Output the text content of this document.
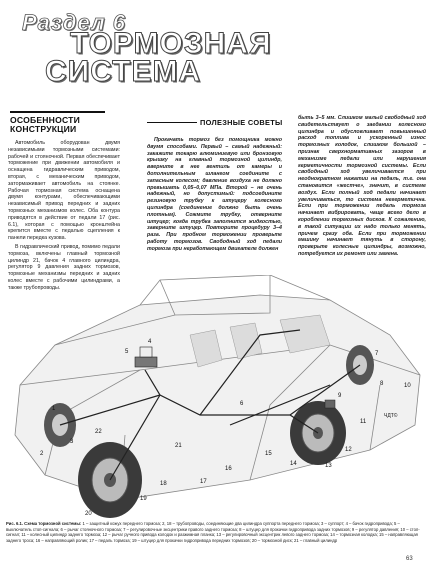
Раздел 6
ТОРМОЗНАЯ
СИСТЕМА
ОСОБЕННОСТИ
КОНСТРУКЦИИ

Автомобиль оборудован двумя независимыми тормозными системами: рабочей и стояночной. Первая обеспечивает торможение при движении автомобиля и оснащена гидравлическим приводом, вторая, с механическим приводом, затормаживает автомобиль на стоянке. Рабочая тормозная система оснащена двумя контурами, обеспечивающими независимый привод передних и задних тормозных механизмов колес. Оба контура приводятся в действие от педали 17 (рис. 6.1), которая с помощью кронштейна крепится вместе с педалью сцепления к панели передка кузова.

В гидравлический привод, помимо педали тормоза, включены главный тормозной цилиндр 21, бачок 4 главного цилиндра, регулятор 9 давления задних тормозов, тормозные механизмы передних и задних колес вместе с рабочими цилиндрами, а также трубопроводы.

ПОЛЕЗНЫЕ СОВЕТЫ

Прокачать тормоз без помощника можно двумя способами. Первый – самый надежный: закажите токарю алюминиевую или бронзовую крышку на главный тормозной цилиндр, вверните в нее вентиль от камеры и дополнительным шлангом соедините с запасным колесом; давление воздуха не должно превышать 0,05–0,07 МПа. Второй – не очень надежный, но допустимый: подсоедините резиновую трубку к штуцеру колесного цилиндра (соединение должно быть очень плотным). Сожмите трубку, отверните штуцер; когда трубка заполнится жидкостью, заверните штуцер. Повторите процедуру 3–4 раза. При пробном торможении проверьте работу тормозов. Свободный ход педали тормоза при неработающем двигателе должен

быть 3–5 мм. Слишком малый свободный ход свидетельствует о заедании колесного цилиндра и обусловливает повышенный расход топлива и ускоренный износ тормозных колодок, слишком большой – признак сверхнормативных зазоров в механизме педали или нарушения герметичности тормозной системы. Если свободный ход увеличивается при неоднократном нажатии на педаль, т.е. она становится «жестче», значит, в системе воздух. Если полный ход педали начинает увеличиваться, то система негерметична. Если при торможении педаль тормоза начинает вибрировать, чаще всего дело в короблении тормозных дисков. К сожалению, в такой ситуации их надо только менять, причем сразу оба. Если при торможении машину начинает тянуть в сторону, проверьте колесные цилиндры, возможно, потребуется их ремонт или замена.

1
2
3
4
5
6
7
8
9
10
11
12
13
14
15
16
17
18
19
20
21
22
ЧДТ©
Рис. 6.1. Схема тормозной системы: 1 – защитный кожух переднего тормоза; 2, 18 – трубопроводы, соединяющие два цилиндра суппорта переднего тормоза; 3 – суппорт; 4 – бачок гидропривода; 5 – выключатель стоп-сигнала; 6 – рычаг стояночного тормоза; 7 – регулировочные эксцентрики правого заднего тормоза; 8 – штуцер для прокачки гидропривода задних тормозов; 9 – регулятор давления; 10 – стоп-сигнал; 11 – колесный цилиндр заднего тормоза; 12 – рычаг ручного привода колодок и разжимная планка; 13 – регулировочный эксцентрик левого заднего тормоза; 14 – тормозная колодка; 15 – направляющая заднего троса; 16 – направляющий ролик; 17 – педаль тормоза; 19 – штуцер для прокачки гидропривода передних тормозов; 20 – тормозной диск; 21 – главный цилиндр
63
